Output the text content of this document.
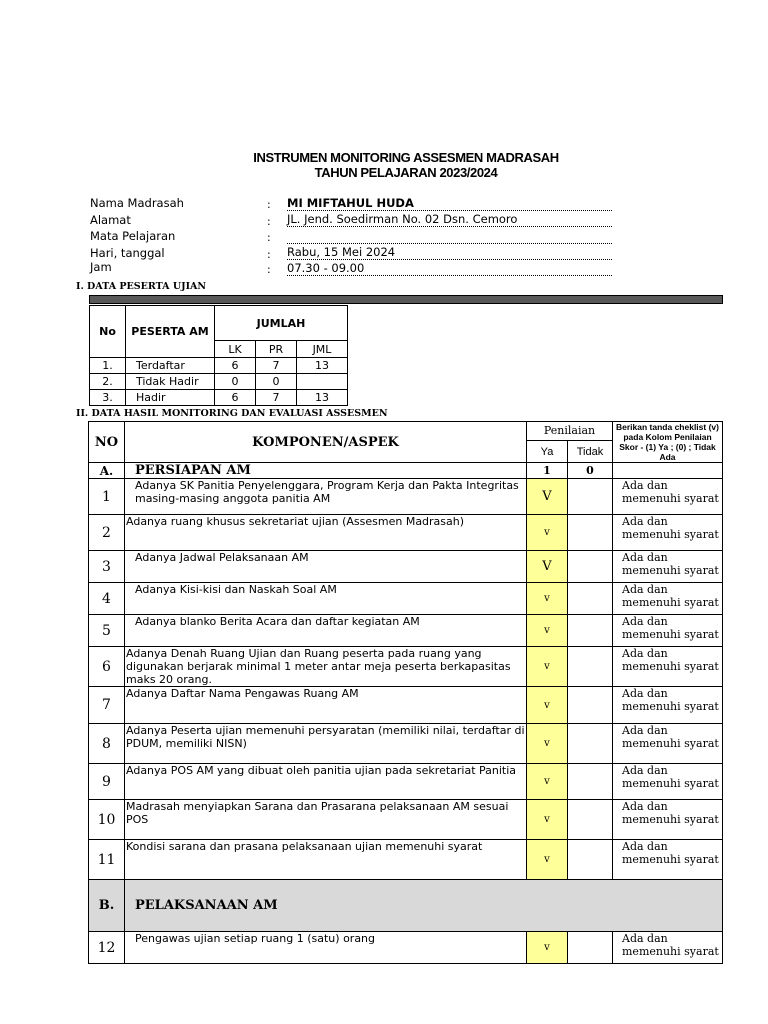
INSTRUMEN MONITORING ASSESMEN MADRASAH
TAHUN PELAJARAN 2023/2024
Nama Madrasah	: MI MIFTAHUL HUDA
Alamat	: JL. Jend. Soedirman No. 02 Dsn. Cemoro
Mata Pelajaran	:
Hari, tanggal	: Rabu, 15 Mei 2024
Jam	: 07.30 - 09.00
I. DATA PESERTA UJIAN
No	PESERTA AM	JUMLAH		
		LK	PR	JML
1.	Terdaftar	6	7	13
2.	Tidak Hadir	0	0	
3.	Hadir	6	7	13
II. DATA HASIL MONITORING DAN EVALUASI ASSESMEN
NO	KOMPONEN/ASPEK	Penilaian		Berikan tanda cheklist (v) pada Kolom Penilaian Skor - (1) Ya ; (0) ; Tidak Ada
		Ya	Tidak	
A.	PERSIAPAN AM	1	0	
1	Adanya SK Panitia Penyelenggara, Program Kerja dan Pakta Integritas masing-masing anggota panitia AM	V		Ada dan memenuhi syarat
2	Adanya ruang khusus sekretariat ujian (Assesmen Madrasah)	v		Ada dan memenuhi syarat
3	Adanya Jadwal Pelaksanaan AM	V		Ada dan memenuhi syarat
4	Adanya Kisi-kisi dan Naskah Soal AM	v		Ada dan memenuhi syarat
5	Adanya blanko Berita Acara dan daftar kegiatan AM	v		Ada dan memenuhi syarat
6	Adanya Denah Ruang Ujian dan Ruang peserta pada ruang yang digunakan berjarak minimal 1 meter antar meja peserta berkapasitas maks 20 orang.	v		Ada dan memenuhi syarat
7	Adanya Daftar Nama Pengawas Ruang AM	v		Ada dan memenuhi syarat
8	Adanya Peserta ujian memenuhi persyaratan (memiliki nilai, terdaftar di PDUM, memiliki NISN)	v		Ada dan memenuhi syarat
9	Adanya POS AM yang dibuat oleh panitia ujian pada sekretariat Panitia	v		Ada dan memenuhi syarat
10	Madrasah menyiapkan Sarana dan Prasarana pelaksanaan AM sesuai POS	v		Ada dan memenuhi syarat
11	Kondisi sarana dan prasana pelaksanaan ujian memenuhi syarat	v		Ada dan memenuhi syarat
B.	PELAKSANAAN AM			
12	Pengawas ujian setiap ruang 1 (satu) orang	v		Ada dan memenuhi syarat
